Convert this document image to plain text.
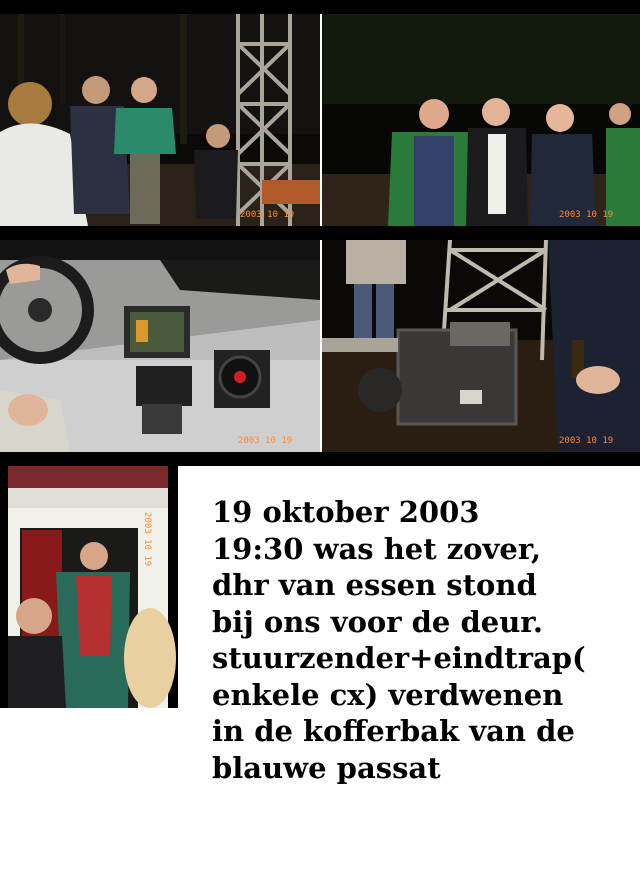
2003 10 19	2003 10 19
2003 10 19	2003 10 19
2003 10 19 19 oktober 2003
19:30 was het zover,
dhr van essen stond
bij ons voor de deur.
stuurzender+eindtrap(
enkele cx) verdwenen
in de kofferbak van de
blauwe passat
